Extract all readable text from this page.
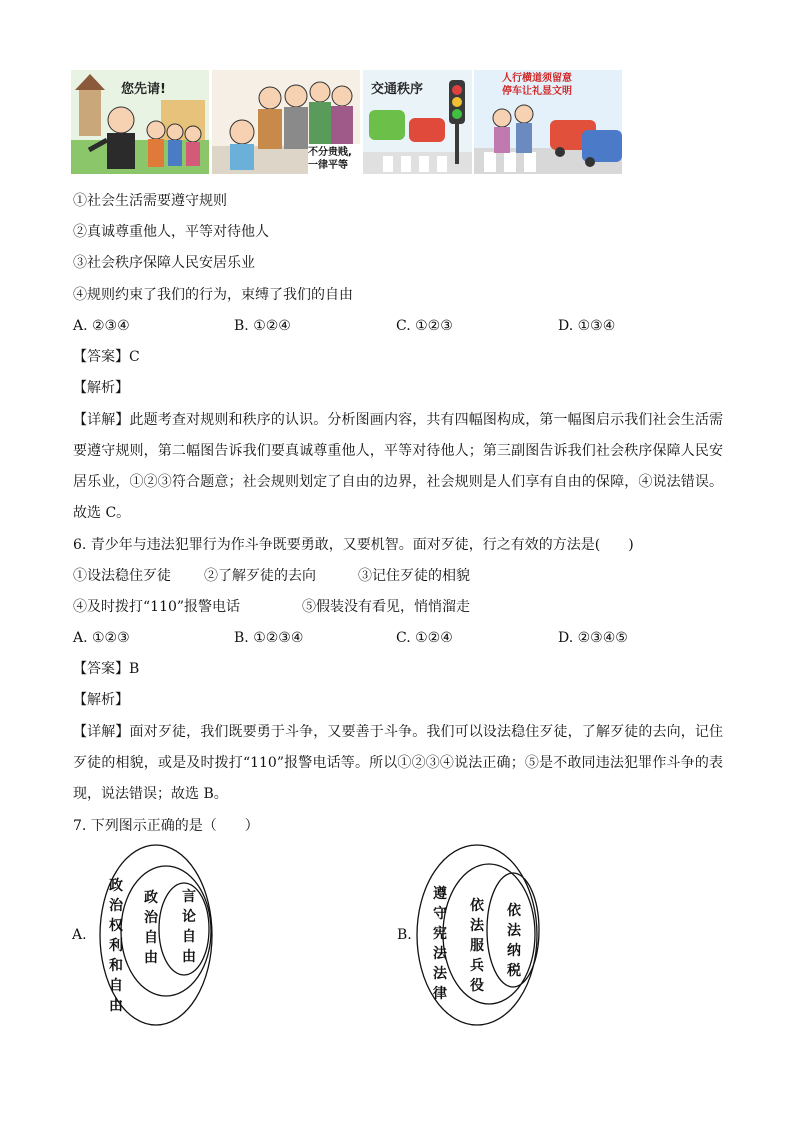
您先请!
不分贵贱,
一律平等
交通秩序
人行横道须留意
停车让礼显文明
①社会生活需要遵守规则
②真诚尊重他人，平等对待他人
③社会秩序保障人民安居乐业
④规则约束了我们的行为，束缚了我们的自由
A. ②③④	B. ①②④	C. ①②③	D. ①③④
【答案】C
【解析】
【详解】此题考查对规则和秩序的认识。分析图画内容，共有四幅图构成，第一幅图启示我们社会生活需要遵守规则，第二幅图告诉我们要真诚尊重他人，平等对待他人；第三副图告诉我们社会秩序保障人民安居乐业，①②③符合题意；社会规则划定了自由的边界，社会规则是人们享有自由的保障，④说法错误。故选 C。
6. 青少年与违法犯罪行为作斗争既要勇敢，又要机智。面对歹徒，行之有效的方法是(　　)
①设法稳住歹徒 ②了解歹徒的去向	③记住歹徒的相貌
④及时拨打“110”报警电话	⑤假装没有看见，悄悄溜走
A. ①②③	B. ①②③④	C. ①②④	D. ②③④⑤
【答案】B
【解析】
【详解】面对歹徒，我们既要勇于斗争，又要善于斗争。我们可以设法稳住歹徒，了解歹徒的去向，记住歹徒的相貌，或是及时拨打“110”报警电话等。所以①②③④说法正确；⑤是不敢同违法犯罪作斗争的表现，说法错误；故选 B。
7. 下列图示正确的是（　　）
A.
政治权利和自由
政治自由
言论自由
B.
遵守宪法法律
依法服兵役
依法纳税
